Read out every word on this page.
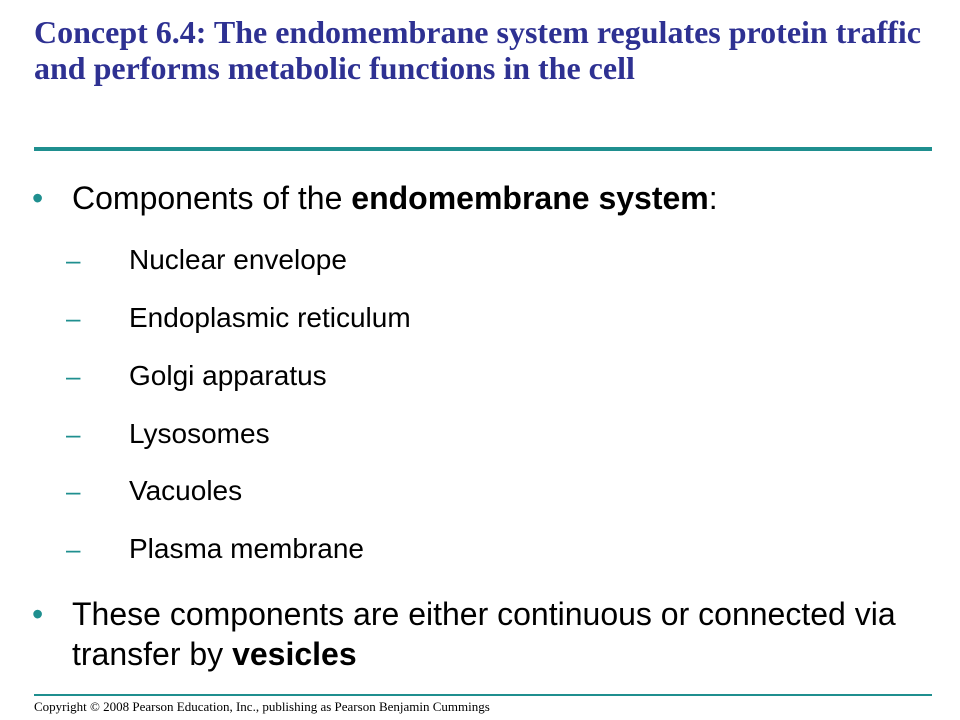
Concept 6.4: The endomembrane system regulates protein traffic and performs metabolic functions in the cell
• Components of the endomembrane system:
– Nuclear envelope
– Endoplasmic reticulum
– Golgi apparatus
– Lysosomes
– Vacuoles
– Plasma membrane
• These components are either continuous or connected via transfer by vesicles
Copyright © 2008 Pearson Education, Inc., publishing as Pearson Benjamin Cummings
